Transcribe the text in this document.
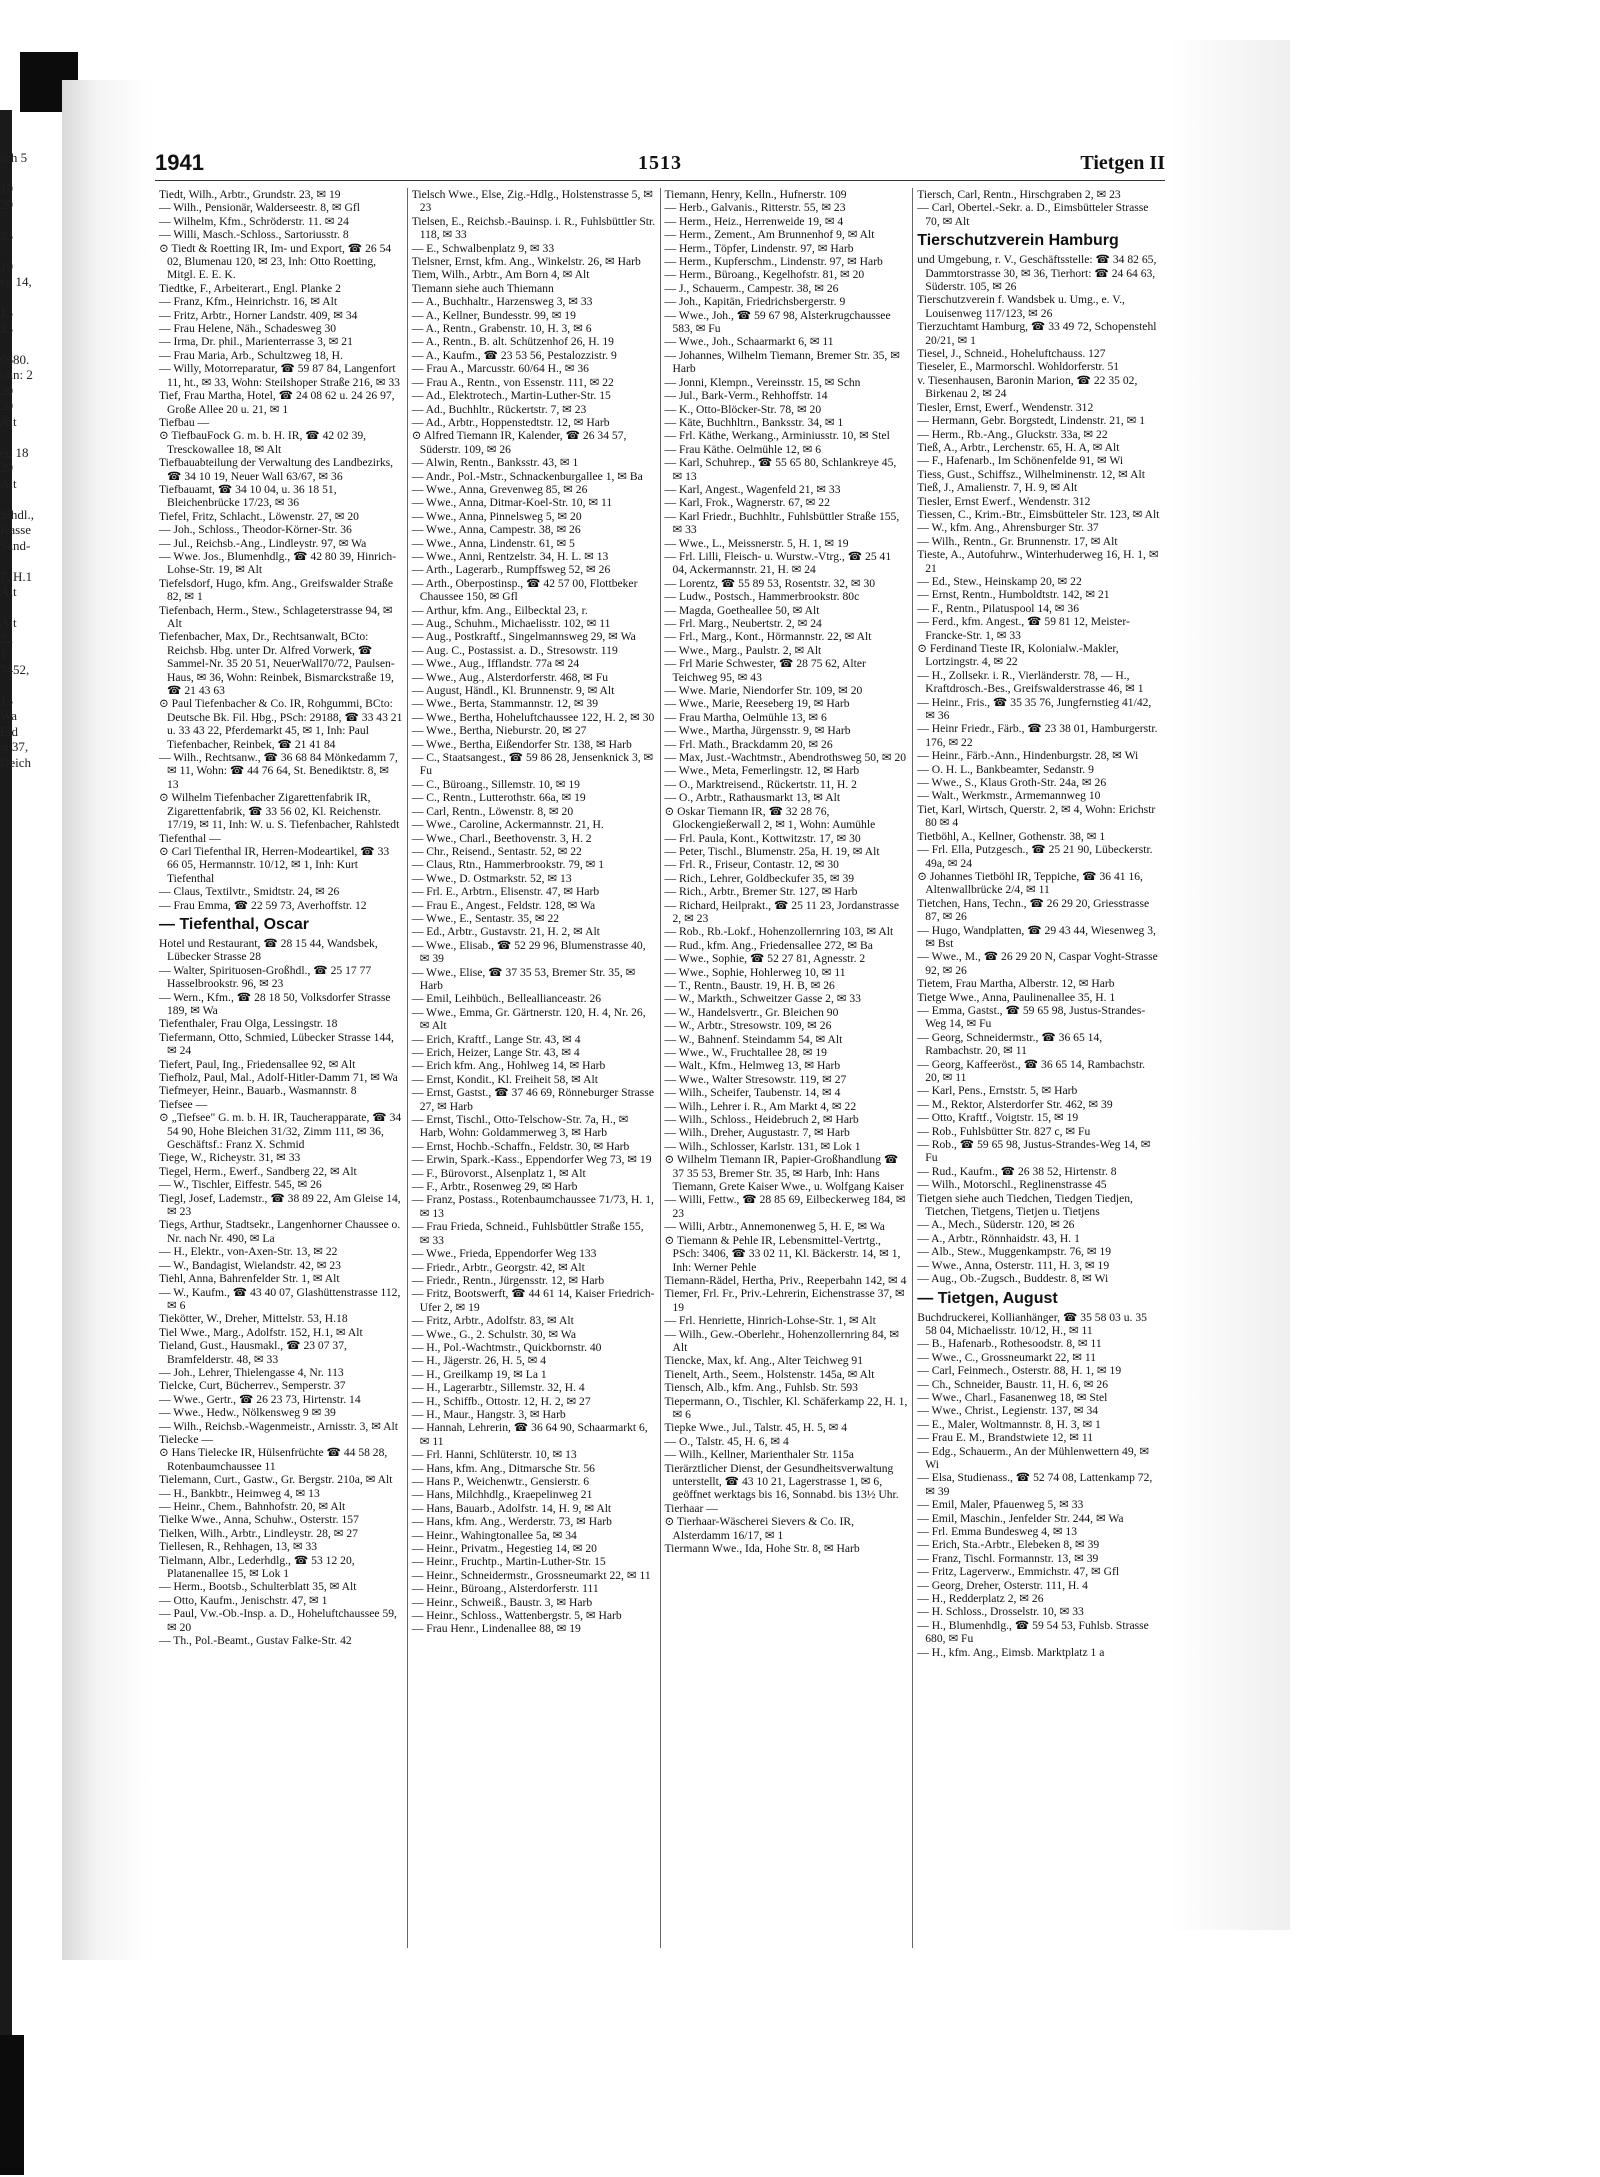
sch 5

19
29

33

19
eg 14,

13
33

0680.
uhn: 2
20
20
Alt

eg 18
29
Alt

Sihdl.,
Kasse
Sand-

7, H.1
Alt

Alt
22
1
7452,

13
Wa
Eid
st.37,
Deich
1941	1513	Tietgen II

Tiedt, Wilh., Arbtr., Grundstr. 23, ✉ 19

— Wilh., Pensionär, Walderseestr. 8, ✉ Gfl

— Wilhelm, Kfm., Schröderstr. 11. ✉ 24

— Willi, Masch.-Schloss., Sartoriusstr. 8

⊙ Tiedt & Roetting IR, Im- und Export, ☎ 26 54 02, Blumenau 120, ✉ 23, Inh: Otto Roetting, Mitgl. E. E. K.

Tiedtke, F., Arbeiterart., Engl. Planke 2

— Franz, Kfm., Heinrichstr. 16, ✉ Alt

— Fritz, Arbtr., Horner Landstr. 409, ✉ 34

— Frau Helene, Näh., Schadesweg 30

— Irma, Dr. phil., Marienterrasse 3, ✉ 21

— Frau Maria, Arb., Schultzweg 18, H.

— Willy, Motorreparatur, ☎ 59 87 84, Langenfort 11, ht., ✉ 33, Wohn: Steilshoper Straße 216, ✉ 33

Tief, Frau Martha, Hotel, ☎ 24 08 62 u. 24 26 97, Große Allee 20 u. 21, ✉ 1

Tiefbau —

⊙ TiefbauFock G. m. b. H. IR, ☎ 42 02 39, Tresckowallee 18, ✉ Alt

Tiefbauabteilung der Verwaltung des Landbezirks, ☎ 34 10 19, Neuer Wall 63/67, ✉ 36

Tiefbauamt, ☎ 34 10 04, u. 36 18 51, Bleichenbrücke 17/23, ✉ 36

Tiefel, Fritz, Schlacht., Löwenstr. 27, ✉ 20

— Joh., Schloss., Theodor-Körner-Str. 36

— Jul., Reichsb.-Ang., Lindleystr. 97, ✉ Wa

— Wwe. Jos., Blumenhdlg., ☎ 42 80 39, Hinrich-Lohse-Str. 19, ✉ Alt

Tiefelsdorf, Hugo, kfm. Ang., Greifswalder Straße 82, ✉ 1

Tiefenbach, Herm., Stew., Schlageterstrasse 94, ✉ Alt

Tiefenbacher, Max, Dr., Rechtsanwalt, BCto: Reichsb. Hbg. unter Dr. Alfred Vorwerk, ☎ Sammel-Nr. 35 20 51, NeuerWall70/72, Paulsen-Haus, ✉ 36, Wohn: Reinbek, Bismarckstraße 19, ☎ 21 43 63

⊙ Paul Tiefenbacher & Co. IR, Rohgummi, BCto: Deutsche Bk. Fil. Hbg., PSch: 29188, ☎ 33 43 21 u. 33 43 22, Pferdemarkt 45, ✉ 1, Inh: Paul Tiefenbacher, Reinbek, ☎ 21 41 84

— Wilh., Rechtsanw., ☎ 36 68 84 Mönkedamm 7, ✉ 11, Wohn: ☎ 44 76 64, St. Benediktstr. 8, ✉ 13

⊙ Wilhelm Tiefenbacher Zigarettenfabrik IR, Zigarettenfabrik, ☎ 33 56 02, Kl. Reichenstr. 17/19, ✉ 11, Inh: W. u. S. Tiefenbacher, Rahlstedt

Tiefenthal —

⊙ Carl Tiefenthal IR, Herren-Modeartikel, ☎ 33 66 05, Hermannstr. 10/12, ✉ 1, Inh: Kurt Tiefenthal

— Claus, Textilvtr., Smidtstr. 24, ✉ 26

— Frau Emma, ☎ 22 59 73, Averhoffstr. 12

— Tiefenthal, Oscar

Hotel und Restaurant, ☎ 28 15 44, Wandsbek, Lübecker Strasse 28

— Walter, Spirituosen-Großhdl., ☎ 25 17 77 Hasselbrookstr. 96, ✉ 23

— Wern., Kfm., ☎ 28 18 50, Volksdorfer Strasse 189, ✉ Wa

Tiefenthaler, Frau Olga, Lessingstr. 18

Tiefermann, Otto, Schmied, Lübecker Strasse 144, ✉ 24

Tiefert, Paul, Ing., Friedensallee 92, ✉ Alt

Tiefholz, Paul, Mal., Adolf-Hitler-Damm 71, ✉ Wa

Tiefmeyer, Heinr., Bauarb., Wasmannstr. 8

Tiefsee —

⊙ „Tiefsee" G. m. b. H. IR, Taucherapparate, ☎ 34 54 90, Hohe Bleichen 31/32, Zimm 111, ✉ 36, Geschäftsf.: Franz X. Schmid

Tiege, W., Richeystr. 31, ✉ 33

Tiegel, Herm., Ewerf., Sandberg 22, ✉ Alt

— W., Tischler, Eiffestr. 545, ✉ 26

Tiegl, Josef, Lademstr., ☎ 38 89 22, Am Gleise 14, ✉ 23

Tiegs, Arthur, Stadtsekr., Langenhorner Chaussee o. Nr. nach Nr. 490, ✉ La

— H., Elektr., von-Axen-Str. 13, ✉ 22

— W., Bandagist, Wielandstr. 42, ✉ 23

Tiehl, Anna, Bahrenfelder Str. 1, ✉ Alt

— W., Kaufm., ☎ 43 40 07, Glashüttenstrasse 112, ✉ 6

Tiekötter, W., Dreher, Mittelstr. 53, H.18

Tiel Wwe., Marg., Adolfstr. 152, H.1, ✉ Alt

Tieland, Gust., Hausmakl., ☎ 23 07 37, Bramfelderstr. 48, ✉ 33

— Joh., Lehrer, Thielengasse 4, Nr. 113

Tielcke, Curt, Bücherrev., Semperstr. 37

— Wwe., Gertr., ☎ 26 23 73, Hirtenstr. 14

— Wwe., Hedw., Nölkensweg 9 ✉ 39

— Wilh., Reichsb.-Wagenmeistr., Arnisstr. 3, ✉ Alt

Tielecke —

⊙ Hans Tielecke IR, Hülsenfrüchte ☎ 44 58 28, Rotenbaumchaussee 11

Tielemann, Curt., Gastw., Gr. Bergstr. 210a, ✉ Alt

— H., Bankbtr., Heimweg 4, ✉ 13

— Heinr., Chem., Bahnhofstr. 20, ✉ Alt

Tielke Wwe., Anna, Schuhw., Osterstr. 157

Tielken, Wilh., Arbtr., Lindleystr. 28, ✉ 27

Tiellesen, R., Rehhagen, 13, ✉ 33

Tielmann, Albr., Lederhdlg., ☎ 53 12 20, Platanenallee 15, ✉ Lok 1

— Herm., Bootsb., Schulterblatt 35, ✉ Alt

— Otto, Kaufm., Jenischstr. 47, ✉ 1

— Paul, Vw.-Ob.-Insp. a. D., Hoheluftchaussee 59, ✉ 20

— Th., Pol.-Beamt., Gustav Falke-Str. 42

Tielsch Wwe., Else, Zig.-Hdlg., Holstenstrasse 5, ✉ 23

Tielsen, E., Reichsb.-Bauinsp. i. R., Fuhlsbüttler Str. 118, ✉ 33

— E., Schwalbenplatz 9, ✉ 33

Tielsner, Ernst, kfm. Ang., Winkelstr. 26, ✉ Harb

Tiem, Wilh., Arbtr., Am Born 4, ✉ Alt

Tiemann siehe auch Thiemann

— A., Buchhaltr., Harzensweg 3, ✉ 33

— A., Kellner, Bundesstr. 99, ✉ 19

— A., Rentn., Grabenstr. 10, H. 3, ✉ 6

— A., Rentn., B. alt. Schützenhof 26, H. 19

— A., Kaufm., ☎ 23 53 56, Pestalozzistr. 9

— Frau A., Marcusstr. 60/64 H., ✉ 36

— Frau A., Rentn., von Essenstr. 111, ✉ 22

— Ad., Elektrotech., Martin-Luther-Str. 15

— Ad., Buchhltr., Rückertstr. 7, ✉ 23

— Ad., Arbtr., Hoppenstedtstr. 12, ✉ Harb

⊙ Alfred Tiemann IR, Kalender, ☎ 26 34 57, Süderstr. 109, ✉ 26

— Alwin, Rentn., Banksstr. 43, ✉ 1

— Andr., Pol.-Mstr., Schnackenburgallee 1, ✉ Ba

— Wwe., Anna, Grevenweg 85, ✉ 26

— Wwe., Anna, Ditmar-Koel-Str. 10, ✉ 11

— Wwe., Anna, Pinnelsweg 5, ✉ 20

— Wwe., Anna, Campestr. 38, ✉ 26

— Wwe., Anna, Lindenstr. 61, ✉ 5

— Wwe., Anni, Rentzelstr. 34, H. L. ✉ 13

— Arth., Lagerarb., Rumpffsweg 52, ✉ 26

— Arth., Oberpostinsp., ☎ 42 57 00, Flottbeker Chaussee 150, ✉ Gfl

— Arthur, kfm. Ang., Eilbecktal 23, r.

— Aug., Schuhm., Michaelisstr. 102, ✉ 11

— Aug., Postkraftf., Singelmannsweg 29, ✉ Wa

— Aug. C., Postassist. a. D., Stresowstr. 119

— Wwe., Aug., Ifflandstr. 77a ✉ 24

— Wwe., Aug., Alsterdorferstr. 468, ✉ Fu

— August, Händl., Kl. Brunnenstr. 9, ✉ Alt

— Wwe., Berta, Stammannstr. 12, ✉ 39

— Wwe., Bertha, Hoheluftchaussee 122, H. 2, ✉ 30

— Wwe., Bertha, Nieburstr. 20, ✉ 27

— Wwe., Bertha, Eißendorfer Str. 138, ✉ Harb

— C., Staatsangest., ☎ 59 86 28, Jensenknick 3, ✉ Fu

— C., Büroang., Sillemstr. 10, ✉ 19

— C., Rentn., Lutterothstr. 66a, ✉ 19

— Carl, Rentn., Löwenstr. 8, ✉ 20

— Wwe., Caroline, Ackermannstr. 21, H.

— Wwe., Charl., Beethovenstr. 3, H. 2

— Chr., Reisend., Sentastr. 52, ✉ 22

— Claus, Rtn., Hammerbrookstr. 79, ✉ 1

— Wwe., D. Ostmarkstr. 52, ✉ 13

— Frl. E., Arbtrn., Elisenstr. 47, ✉ Harb

— Frau E., Angest., Feldstr. 128, ✉ Wa

— Wwe., E., Sentastr. 35, ✉ 22

— Ed., Arbtr., Gustavstr. 21, H. 2, ✉ Alt

— Wwe., Elisab., ☎ 52 29 96, Blumenstrasse 40, ✉ 39

— Wwe., Elise, ☎ 37 35 53, Bremer Str. 35, ✉ Harb

— Emil, Leihbüch., Belleallianceastr. 26

— Wwe., Emma, Gr. Gärtnerstr. 120, H. 4, Nr. 26, ✉ Alt

— Erich, Kraftf., Lange Str. 43, ✉ 4

— Erich, Heizer, Lange Str. 43, ✉ 4

— Erich kfm. Ang., Hohlweg 14, ✉ Harb

— Ernst, Kondit., Kl. Freiheit 58, ✉ Alt

— Ernst, Gastst., ☎ 37 46 69, Rönneburger Strasse 27, ✉ Harb

— Ernst, Tischl., Otto-Telschow-Str. 7a, H., ✉ Harb, Wohn: Goldammerweg 3, ✉ Harb

— Ernst, Hochb.-Schaffn., Feldstr. 30, ✉ Harb

— Erwin, Spark.-Kass., Eppendorfer Weg 73, ✉ 19

— F., Bürovorst., Alsenplatz 1, ✉ Alt

— F., Arbtr., Rosenweg 29, ✉ Harb

— Franz, Postass., Rotenbaumchaussee 71/73, H. 1, ✉ 13

— Frau Frieda, Schneid., Fuhlsbüttler Straße 155, ✉ 33

— Wwe., Frieda, Eppendorfer Weg 133

— Friedr., Arbtr., Georgstr. 42, ✉ Alt

— Friedr., Rentn., Jürgensstr. 12, ✉ Harb

— Fritz, Bootswerft, ☎ 44 61 14, Kaiser Friedrich-Ufer 2, ✉ 19

— Fritz, Arbtr., Adolfstr. 83, ✉ Alt

— Wwe., G., 2. Schulstr. 30, ✉ Wa

— H., Pol.-Wachtmstr., Quickbornstr. 40

— H., Jägerstr. 26, H. 5, ✉ 4

— H., Greilkamp 19, ✉ La 1

— H., Lagerarbtr., Sillemstr. 32, H. 4

— H., Schiffb., Ottostr. 12, H. 2, ✉ 27

— H., Maur., Hangstr. 3, ✉ Harb

— Hannah, Lehrerin, ☎ 36 64 90, Schaarmarkt 6, ✉ 11

— Frl. Hanni, Schlüterstr. 10, ✉ 13

— Hans, kfm. Ang., Ditmarsche Str. 56

— Hans P., Weichenwtr., Gensierstr. 6

— Hans, Milchhdlg., Kraepelinweg 21

— Hans, Bauarb., Adolfstr. 14, H. 9, ✉ Alt

— Hans, kfm. Ang., Werderstr. 73, ✉ Harb

— Heinr., Wahingtonallee 5a, ✉ 34

— Heinr., Privatm., Hegestieg 14, ✉ 20

— Heinr., Fruchtp., Martin-Luther-Str. 15

— Heinr., Schneidermstr., Grossneumarkt 22, ✉ 11

— Heinr., Büroang., Alsterdorferstr. 111

— Heinr., Schweiß., Baustr. 3, ✉ Harb

— Heinr., Schloss., Wattenbergstr. 5, ✉ Harb

— Frau Henr., Lindenallee 88, ✉ 19

Tiemann, Henry, Kelln., Hufnerstr. 109

— Herb., Galvanis., Ritterstr. 55, ✉ 23

— Herm., Heiz., Herrenweide 19, ✉ 4

— Herm., Zement., Am Brunnenhof 9, ✉ Alt

— Herm., Töpfer, Lindenstr. 97, ✉ Harb

— Herm., Kupferschm., Lindenstr. 97, ✉ Harb

— Herm., Büroang., Kegelhofstr. 81, ✉ 20

— J., Schauerm., Campestr. 38, ✉ 26

— Joh., Kapitän, Friedrichsbergerstr. 9

— Wwe., Joh., ☎ 59 67 98, Alsterkrugchaussee 583, ✉ Fu

— Wwe., Joh., Schaarmarkt 6, ✉ 11

— Johannes, Wilhelm Tiemann, Bremer Str. 35, ✉ Harb

— Jonni, Klempn., Vereinsstr. 15, ✉ Schn

— Jul., Bark-Verm., Rehhoffstr. 14

— K., Otto-Blöcker-Str. 78, ✉ 20

— Käte, Buchhltrn., Banksstr. 34, ✉ 1

— Frl. Käthe, Werkang., Arminiusstr. 10, ✉ Stel

— Frau Käthe. Oelmühle 12, ✉ 6

— Karl, Schuhrep., ☎ 55 65 80, Schlankreye 45, ✉ 13

— Karl, Angest., Wagenfeld 21, ✉ 33

— Karl, Frok., Wagnerstr. 67, ✉ 22

— Karl Friedr., Buchhltr., Fuhlsbüttler Straße 155, ✉ 33

— Wwe., L., Meissnerstr. 5, H. 1, ✉ 19

— Frl. Lilli, Fleisch- u. Wurstw.-Vtrg., ☎ 25 41 04, Ackermannstr. 21, H. ✉ 24

— Lorentz, ☎ 55 89 53, Rosentstr. 32, ✉ 30

— Ludw., Postsch., Hammerbrookstr. 80c

— Magda, Goetheallee 50, ✉ Alt

— Frl. Marg., Neubertstr. 2, ✉ 24

— Frl., Marg., Kont., Hörmannstr. 22, ✉ Alt

— Wwe., Marg., Paulstr. 2, ✉ Alt

— Frl Marie Schwester, ☎ 28 75 62, Alter Teichweg 95, ✉ 43

— Wwe. Marie, Niendorfer Str. 109, ✉ 20

— Wwe., Marie, Reeseberg 19, ✉ Harb

— Frau Martha, Oelmühle 13, ✉ 6

— Wwe., Martha, Jürgensstr. 9, ✉ Harb

— Frl. Math., Brackdamm 20, ✉ 26

— Max, Just.-Wachtmstr., Abendrothsweg 50, ✉ 20

— Wwe., Meta, Femerlingstr. 12, ✉ Harb

— O., Marktreisend., Rückertstr. 11, H. 2

— O., Arbtr., Rathausmarkt 13, ✉ Alt

⊙ Oskar Tiemann IR, ☎ 32 28 76, Glockengießerwall 2, ✉ 1, Wohn: Aumühle

— Frl. Paula, Kont., Kottwitzstr. 17, ✉ 30

— Peter, Tischl., Blumenstr. 25a, H. 19, ✉ Alt

— Frl. R., Friseur, Contastr. 12, ✉ 30

— Rich., Lehrer, Goldbeckufer 35, ✉ 39

— Rich., Arbtr., Bremer Str. 127, ✉ Harb

— Richard, Heilprakt., ☎ 25 11 23, Jordanstrasse 2, ✉ 23

— Rob., Rb.-Lokf., Hohenzollernring 103, ✉ Alt

— Rud., kfm. Ang., Friedensallee 272, ✉ Ba

— Wwe., Sophie, ☎ 52 27 81, Agnesstr. 2

— Wwe., Sophie, Hohlerweg 10, ✉ 11

— T., Rentn., Baustr. 19, H. B, ✉ 26

— W., Markth., Schweitzer Gasse 2, ✉ 33

— W., Handelsvertr., Gr. Bleichen 90

— W., Arbtr., Stresowstr. 109, ✉ 26

— W., Bahnenf. Steindamm 54, ✉ Alt

— Wwe., W., Fruchtallee 28, ✉ 19

— Walt., Kfm., Helmweg 13, ✉ Harb

— Wwe., Walter Stresowstr. 119, ✉ 27

— Wilh., Scheifer, Taubenstr. 14, ✉ 4

— Wilh., Lehrer i. R., Am Markt 4, ✉ 22

— Wilh., Schloss., Heidebruch 2, ✉ Harb

— Wilh., Dreher, Augustastr. 7, ✉ Harb

— Wilh., Schlosser, Karlstr. 131, ✉ Lok 1

⊙ Wilhelm Tiemann IR, Papier-Großhandlung ☎ 37 35 53, Bremer Str. 35, ✉ Harb, Inh: Hans Tiemann, Grete Kaiser Wwe., u. Wolfgang Kaiser

— Willi, Fettw., ☎ 28 85 69, Eilbeckerweg 184, ✉ 23

— Willi, Arbtr., Annemonenweg 5, H. E, ✉ Wa

⊙ Tiemann & Pehle IR, Lebensmittel-Vertrtg., PSch: 3406, ☎ 33 02 11, Kl. Bäckerstr. 14, ✉ 1, Inh: Werner Pehle

Tiemann-Rädel, Hertha, Priv., Reeperbahn 142, ✉ 4

Tiemer, Frl. Fr., Priv.-Lehrerin, Eichenstrasse 37, ✉ 19

— Frl. Henriette, Hinrich-Lohse-Str. 1, ✉ Alt

— Wilh., Gew.-Oberlehr., Hohenzollernring 84, ✉ Alt

Tiencke, Max, kf. Ang., Alter Teichweg 91

Tienelt, Arth., Seem., Holstenstr. 145a, ✉ Alt

Tiensch, Alb., kfm. Ang., Fuhlsb. Str. 593

Tiepermann, O., Tischler, Kl. Schäferkamp 22, H. 1, ✉ 6

Tiepke Wwe., Jul., Talstr. 45, H. 5, ✉ 4

— O., Talstr. 45, H. 6, ✉ 4

— Wilh., Kellner, Marienthaler Str. 115a

Tierärztlicher Dienst, der Gesundheitsverwaltung unterstellt, ☎ 43 10 21, Lagerstrasse 1, ✉ 6, geöffnet werktags bis 16, Sonnabd. bis 13½ Uhr.

Tierhaar —

⊙ Tierhaar-Wäscherei Sievers & Co. IR, Alsterdamm 16/17, ✉ 1

Tiermann Wwe., Ida, Hohe Str. 8, ✉ Harb

Tiersch, Carl, Rentn., Hirschgraben 2, ✉ 23

— Carl, Obertel.-Sekr. a. D., Eimsbütteler Strasse 70, ✉ Alt

Tierschutzverein Hamburg

und Umgebung, r. V., Geschäftsstelle: ☎ 34 82 65, Dammtorstrasse 30, ✉ 36, Tierhort: ☎ 24 64 63, Süderstr. 105, ✉ 26

Tierschutzverein f. Wandsbek u. Umg., e. V., Louisenweg 117/123, ✉ 26

Tierzuchtamt Hamburg, ☎ 33 49 72, Schopenstehl 20/21, ✉ 1

Tiesel, J., Schneid., Hoheluftchauss. 127

Tieseler, E., Marmorschl. Wohldorferstr. 51

v. Tiesenhausen, Baronin Marion, ☎ 22 35 02, Birkenau 2, ✉ 24

Tiesler, Ernst, Ewerf., Wendenstr. 312

— Hermann, Gebr. Borgstedt, Lindenstr. 21, ✉ 1

— Herm., Rb.-Ang., Gluckstr. 33a, ✉ 22

Tieß, A., Arbtr., Lerchenstr. 65, H. A, ✉ Alt

— F., Hafenarb., Im Schönenfelde 91, ✉ Wi

Tiess, Gust., Schiffsz., Wilhelminenstr. 12, ✉ Alt

Tieß, J., Amalienstr. 7, H. 9, ✉ Alt

Tiesler, Ernst Ewerf., Wendenstr. 312

Tiessen, C., Krim.-Btr., Eimsbütteler Str. 123, ✉ Alt

— W., kfm. Ang., Ahrensburger Str. 37

— Wilh., Rentn., Gr. Brunnenstr. 17, ✉ Alt

Tieste, A., Autofuhrw., Winterhuderweg 16, H. 1, ✉ 21

— Ed., Stew., Heinskamp 20, ✉ 22

— Ernst, Rentn., Humboldtstr. 142, ✉ 21

— F., Rentn., Pilatuspool 14, ✉ 36

— Ferd., kfm. Angest., ☎ 59 81 12, Meister-Francke-Str. 1, ✉ 33

⊙ Ferdinand Tieste IR, Kolonialw.-Makler, Lortzingstr. 4, ✉ 22

— H., Zollsekr. i. R., Vierländerstr. 78, — H., Kraftdrosch.-Bes., Greifswalderstrasse 46, ✉ 1

— Heinr., Fris., ☎ 35 35 76, Jungfernstieg 41/42, ✉ 36

— Heinr Friedr., Färb., ☎ 23 38 01, Hamburgerstr. 176, ✉ 22

— Heinr., Färb.-Ann., Hindenburgstr. 28, ✉ Wi

— O. H. L., Bankbeamter, Sedanstr. 9

— Wwe., S., Klaus Groth-Str. 24a, ✉ 26

— Walt., Werkmstr., Armemannweg 10

Tiet, Karl, Wirtsch, Querstr. 2, ✉ 4, Wohn: Erichstr 80 ✉ 4

Tietböhl, A., Kellner, Gothenstr. 38, ✉ 1

— Frl. Ella, Putzgesch., ☎ 25 21 90, Lübeckerstr. 49a, ✉ 24

⊙ Johannes Tietböhl IR, Teppiche, ☎ 36 41 16, Altenwallbrücke 2/4, ✉ 11

Tietchen, Hans, Techn., ☎ 26 29 20, Griesstrasse 87, ✉ 26

— Hugo, Wandplatten, ☎ 29 43 44, Wiesenweg 3, ✉ Bst

— Wwe., M., ☎ 26 29 20 N, Caspar Voght-Strasse 92, ✉ 26

Tietem, Frau Martha, Alberstr. 12, ✉ Harb

Tietge Wwe., Anna, Paulinenallee 35, H. 1

— Emma, Gastst., ☎ 59 65 98, Justus-Strandes-Weg 14, ✉ Fu

— Georg, Schneidermstr., ☎ 36 65 14, Rambachstr. 20, ✉ 11

— Georg, Kaffeeröst., ☎ 36 65 14, Rambachstr. 20, ✉ 11

— Karl, Pens., Ernststr. 5, ✉ Harb

— M., Rektor, Alsterdorfer Str. 462, ✉ 39

— Otto, Kraftf., Voigtstr. 15, ✉ 19

— Rob., Fuhlsbütter Str. 827 c, ✉ Fu

— Rob., ☎ 59 65 98, Justus-Strandes-Weg 14, ✉ Fu

— Rud., Kaufm., ☎ 26 38 52, Hirtenstr. 8

— Wilh., Motorschl., Reglinenstrasse 45

Tietgen siehe auch Tiedchen, Tiedgen Tiedjen, Tietchen, Tietgens, Tietjen u. Tietjens

— A., Mech., Süderstr. 120, ✉ 26

— A., Arbtr., Rönnhaidstr. 43, H. 1

— Alb., Stew., Muggenkampstr. 76, ✉ 19

— Wwe., Anna, Osterstr. 111, H. 3, ✉ 19

— Aug., Ob.-Zugsch., Buddestr. 8, ✉ Wi

— Tietgen, August

Buchdruckerei, Kollianhänger, ☎ 35 58 03 u. 35 58 04, Michaelisstr. 10/12, H., ✉ 11

— B., Hafenarb., Rothesoodstr. 8, ✉ 11

— Wwe., C., Grossneumarkt 22, ✉ 11

— Carl, Feinmech., Osterstr. 88, H. 1, ✉ 19

— Ch., Schneider, Baustr. 11, H. 6, ✉ 26

— Wwe., Charl., Fasanenweg 18, ✉ Stel

— Wwe., Christ., Legienstr. 137, ✉ 34

— E., Maler, Woltmannstr. 8, H. 3, ✉ 1

— Frau E. M., Brandstwiete 12, ✉ 11

— Edg., Schauerm., An der Mühlenwettern 49, ✉ Wi

— Elsa, Studienass., ☎ 52 74 08, Lattenkamp 72, ✉ 39

— Emil, Maler, Pfauenweg 5, ✉ 33

— Emil, Maschin., Jenfelder Str. 244, ✉ Wa

— Frl. Emma Bundesweg 4, ✉ 13

— Erich, Sta.-Arbtr., Elebeken 8, ✉ 39

— Franz, Tischl. Formannstr. 13, ✉ 39

— Fritz, Lagerverw., Emmichstr. 47, ✉ Gfl

— Georg, Dreher, Osterstr. 111, H. 4

— H., Redderplatz 2, ✉ 26

— H. Schloss., Drosselstr. 10, ✉ 33

— H., Blumenhdlg., ☎ 59 54 53, Fuhlsb. Strasse 680, ✉ Fu

— H., kfm. Ang., Eimsb. Marktplatz 1 a
